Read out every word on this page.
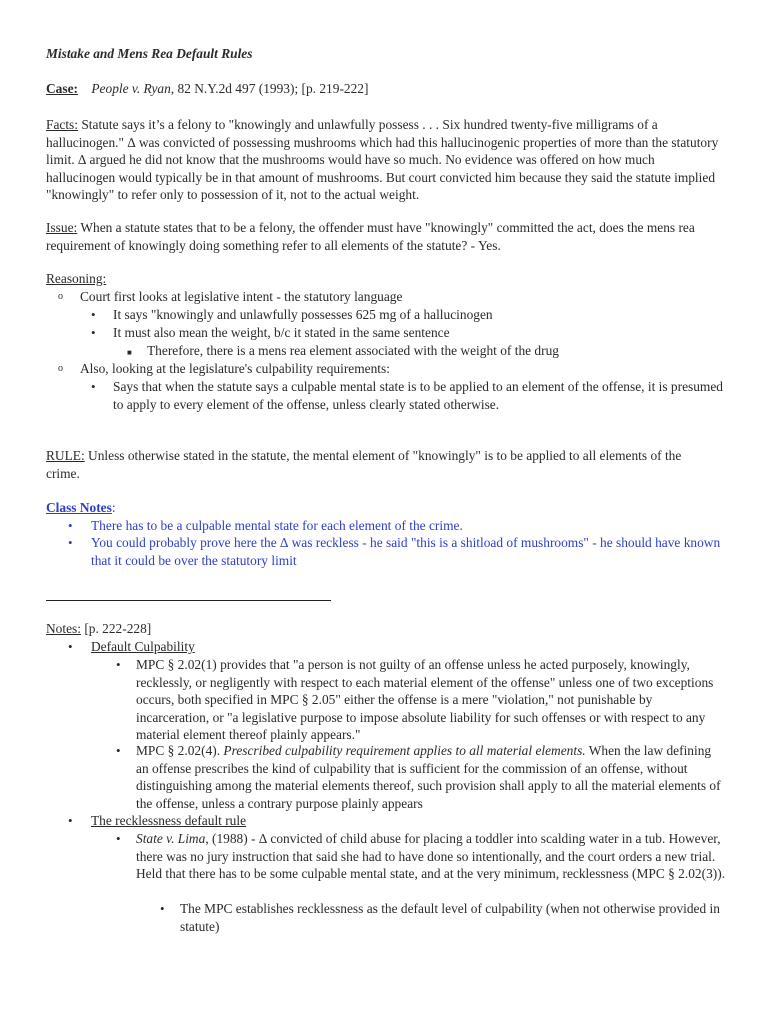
Mistake and Mens Rea Default Rules

Case: People v. Ryan, 82 N.Y.2d 497 (1993); [p. 219-222]

Facts: Statute says it’s a felony to "knowingly and unlawfully possess . . . Six hundred twenty-five milligrams of a hallucinogen." ∆ was convicted of possessing mushrooms which had this hallucinogenic properties of more than the statutory limit. ∆ argued he did not know that the mushrooms would have so much. No evidence was offered on how much hallucinogen would typically be in that amount of mushrooms. But court convicted him because they said the statute implied "knowingly" to refer only to possession of it, not to the actual weight.

Issue: When a statute states that to be a felony, the offender must have "knowingly" committed the act, does the mens rea requirement of knowingly doing something refer to all elements of the statute? - Yes.

Reasoning:

o Court first looks at legislative intent - the statutory language
• It says "knowingly and unlawfully possesses 625 mg of a hallucinogen
• It must also mean the weight, b/c it stated in the same sentence
■ Therefore, there is a mens rea element associated with the weight of the drug
o Also, looking at the legislature's culpability requirements:
• Says that when the statute says a culpable mental state is to be applied to an element of the offense, it is presumed to apply to every element of the offense, unless clearly stated otherwise.

RULE: Unless otherwise stated in the statute, the mental element of "knowingly" is to be applied to all elements of the crime.

Class Notes:

• There has to be a culpable mental state for each element of the crime.
• You could probably prove here the ∆ was reckless - he said "this is a shitload of mushrooms" - he should have known that it could be over the statutory limit

Notes: [p. 222-228]

• Default Culpability
• MPC § 2.02(1) provides that "a person is not guilty of an offense unless he acted purposely, knowingly, recklessly, or negligently with respect to each material element of the offense" unless one of two exceptions occurs, both specified in MPC § 2.05" either the offense is a mere "violation," not punishable by incarceration, or "a legislative purpose to impose absolute liability for such offenses or with respect to any material element thereof plainly appears."
• MPC § 2.02(4). Prescribed culpability requirement applies to all material elements. When the law defining an offense prescribes the kind of culpability that is sufficient for the commission of an offense, without distinguishing among the material elements thereof, such provision shall apply to all the material elements of the offense, unless a contrary purpose plainly appears
• The recklessness default rule
• State v. Lima, (1988) - ∆ convicted of child abuse for placing a toddler into scalding water in a tub. However, there was no jury instruction that said she had to have done so intentionally, and the court orders a new trial. Held that there has to be some culpable mental state, and at the very minimum, recklessness (MPC § 2.02(3)).
• The MPC establishes recklessness as the default level of culpability (when not otherwise provided in statute)
